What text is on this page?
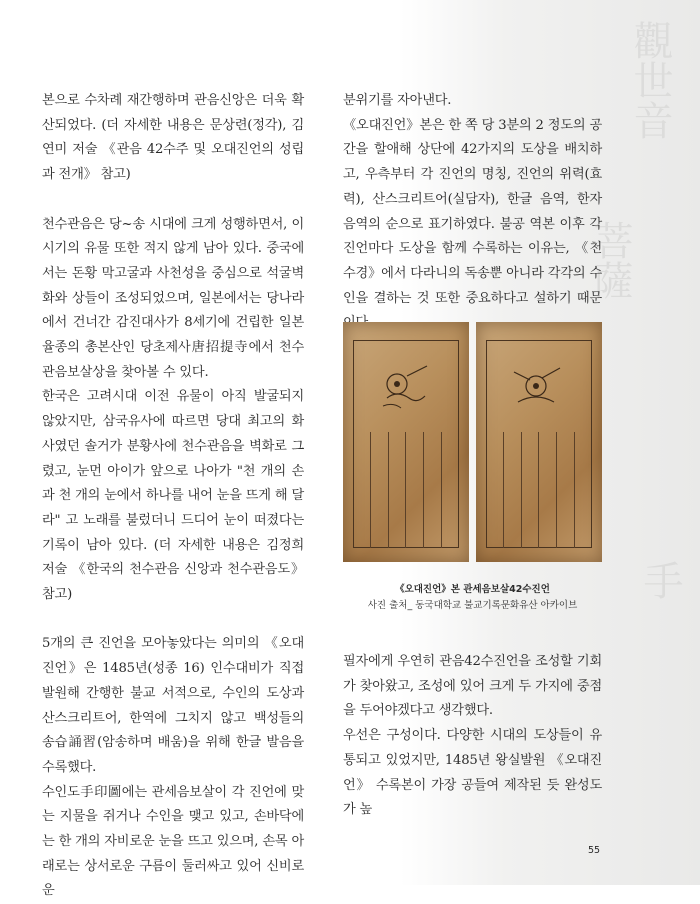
觀世音
菩薩
手

본으로 수차례 재간행하며 관음신앙은 더욱 확산되었다. (더 자세한 내용은 문상련(정각), 김연미 저술 《관음 42수주 및 오대진언의 성립과 전개》 참고)

천수관음은 당~송 시대에 크게 성행하면서, 이 시기의 유물 또한 적지 않게 남아 있다. 중국에서는 돈황 막고굴과 사천성을 중심으로 석굴벽화와 상들이 조성되었으며, 일본에서는 당나라에서 건너간 감진대사가 8세기에 건립한 일본 율종의 총본산인 당초제사唐招提寺에서 천수관음보살상을 찾아볼 수 있다.

한국은 고려시대 이전 유물이 아직 발굴되지 않았지만, 삼국유사에 따르면 당대 최고의 화사였던 솔거가 분황사에 천수관음을 벽화로 그렸고, 눈먼 아이가 앞으로 나아가 "천 개의 손과 천 개의 눈에서 하나를 내어 눈을 뜨게 해 달라" 고 노래를 불렀더니 드디어 눈이 떠졌다는 기록이 남아 있다. (더 자세한 내용은 김정희 저술 《한국의 천수관음 신앙과 천수관음도》 참고)

5개의 큰 진언을 모아놓았다는 의미의 《오대진언》은 1485년(성종 16) 인수대비가 직접 발원해 간행한 불교 서적으로, 수인의 도상과 산스크리트어, 한역에 그치지 않고 백성들의 송습誦習(암송하며 배움)을 위해 한글 발음을 수록했다.

수인도手印圖에는 관세음보살이 각 진언에 맞는 지물을 쥐거나 수인을 맺고 있고, 손바닥에는 한 개의 자비로운 눈을 뜨고 있으며, 손목 아래로는 상서로운 구름이 둘러싸고 있어 신비로운

분위기를 자아낸다.

《오대진언》본은 한 쪽 당 3분의 2 정도의 공간을 할애해 상단에 42가지의 도상을 배치하고, 우측부터 각 진언의 명칭, 진언의 위력(효력), 산스크리트어(실담자), 한글 음역, 한자 음역의 순으로 표기하였다. 불공 역본 이후 각 진언마다 도상을 함께 수록하는 이유는, 《천수경》에서 다라니의 독송뿐 아니라 각각의 수인을 결하는 것 또한 중요하다고 설하기 때문

《오대진언》본 관세음보살42수진언
사진 출처_ 동국대학교 불교기록문화유산 아카이브

필자에게 우연히 관음42수진언을 조성할 기회가 찾아왔고, 조성에 있어 크게 두 가지에 중점을 두어야겠다고 생각했다.

우선은 구성이다. 다양한 시대의 도상들이 유통되고 있었지만, 1485년 왕실발원 《오대진언》 수록본이 가장 공들여 제작된 듯 완성도가 높

55
